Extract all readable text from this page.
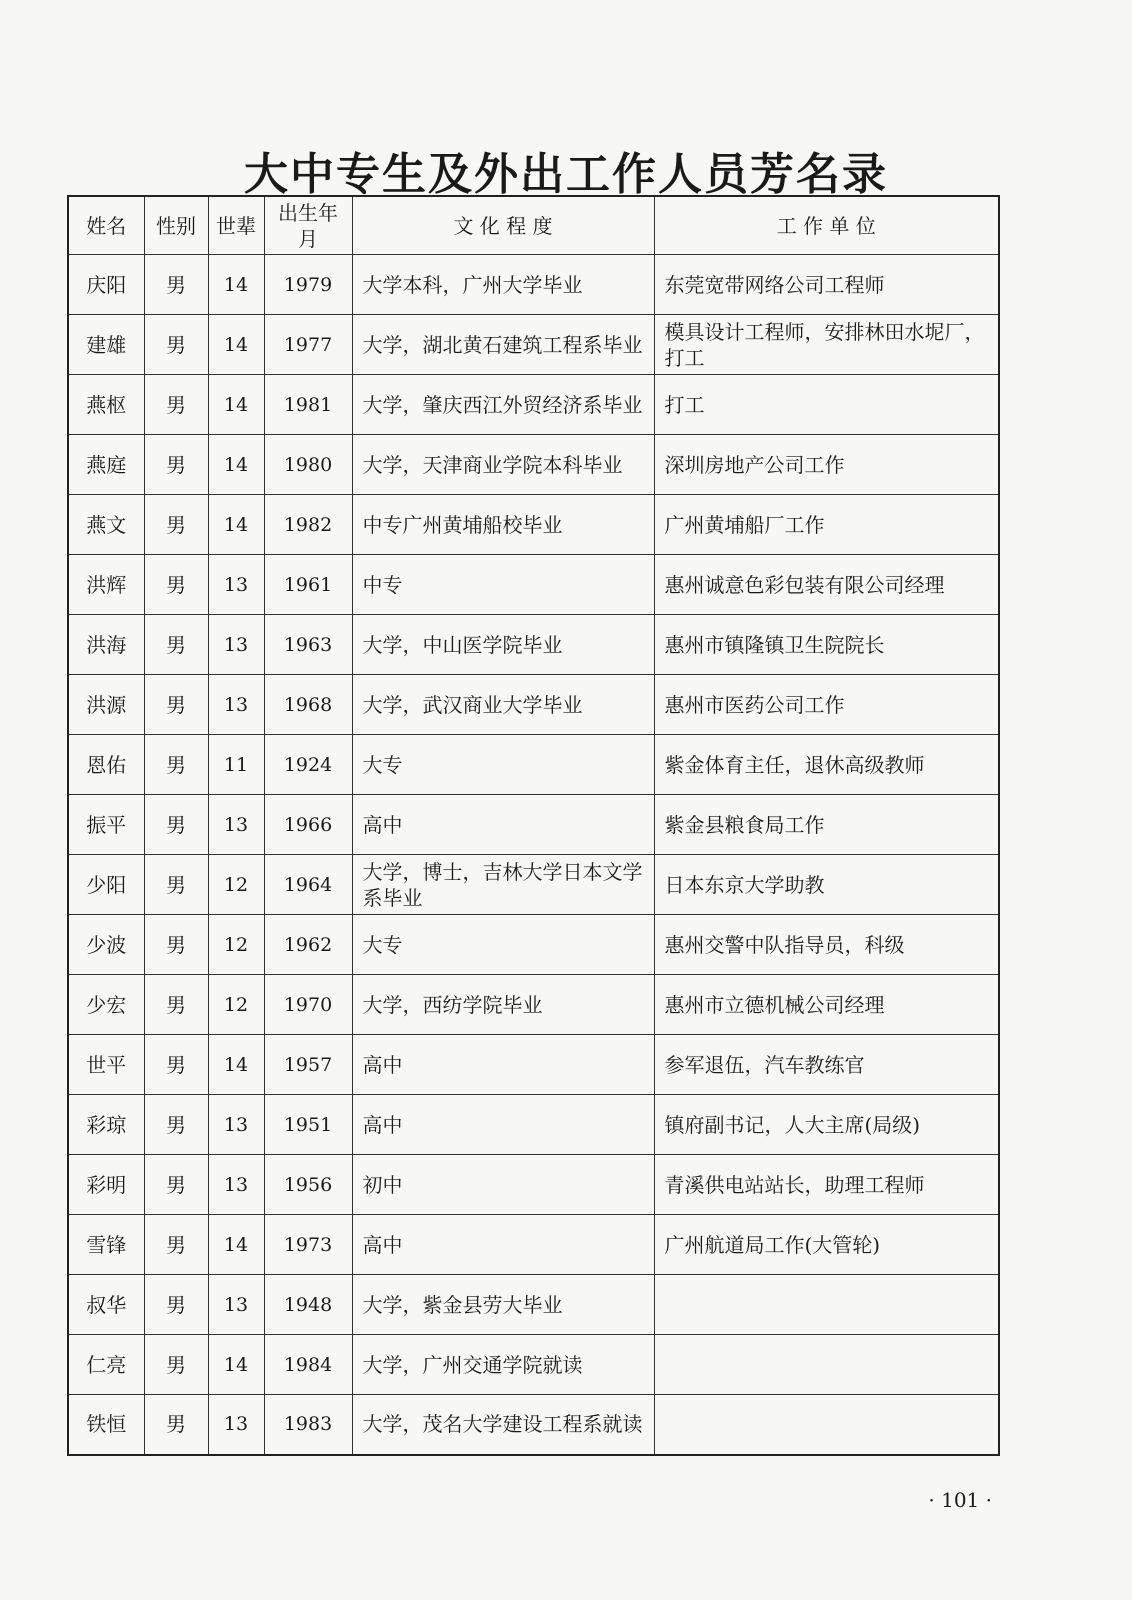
大中专生及外出工作人员芳名录
姓名	性别	世辈	出生年月	文 化 程 度	工 作 单 位
庆阳	男	14	1979	大学本科，广州大学毕业	东莞宽带网络公司工程师
建雄	男	14	1977	大学，湖北黄石建筑工程系毕业	模具设计工程师，安排林田水坭厂，打工
燕枢	男	14	1981	大学，肇庆西江外贸经济系毕业	打工
燕庭	男	14	1980	大学，天津商业学院本科毕业	深圳房地产公司工作
燕文	男	14	1982	中专广州黄埔船校毕业	广州黄埔船厂工作
洪辉	男	13	1961	中专	惠州诚意色彩包装有限公司经理
洪海	男	13	1963	大学，中山医学院毕业	惠州市镇隆镇卫生院院长
洪源	男	13	1968	大学，武汉商业大学毕业	惠州市医药公司工作
恩佑	男	11	1924	大专	紫金体育主任，退休高级教师
振平	男	13	1966	高中	紫金县粮食局工作
少阳	男	12	1964	大学，博士，吉林大学日本文学系毕业	日本东京大学助教
少波	男	12	1962	大专	惠州交警中队指导员，科级
少宏	男	12	1970	大学，西纺学院毕业	惠州市立德机械公司经理
世平	男	14	1957	高中	参军退伍，汽车教练官
彩琼	男	13	1951	高中	镇府副书记，人大主席(局级)
彩明	男	13	1956	初中	青溪供电站站长，助理工程师
雪锋	男	14	1973	高中	广州航道局工作(大管轮)
叔华	男	13	1948	大学，紫金县劳大毕业	
仁亮	男	14	1984	大学，广州交通学院就读	
铁恒	男	13	1983	大学，茂名大学建设工程系就读	
· 101 ·
